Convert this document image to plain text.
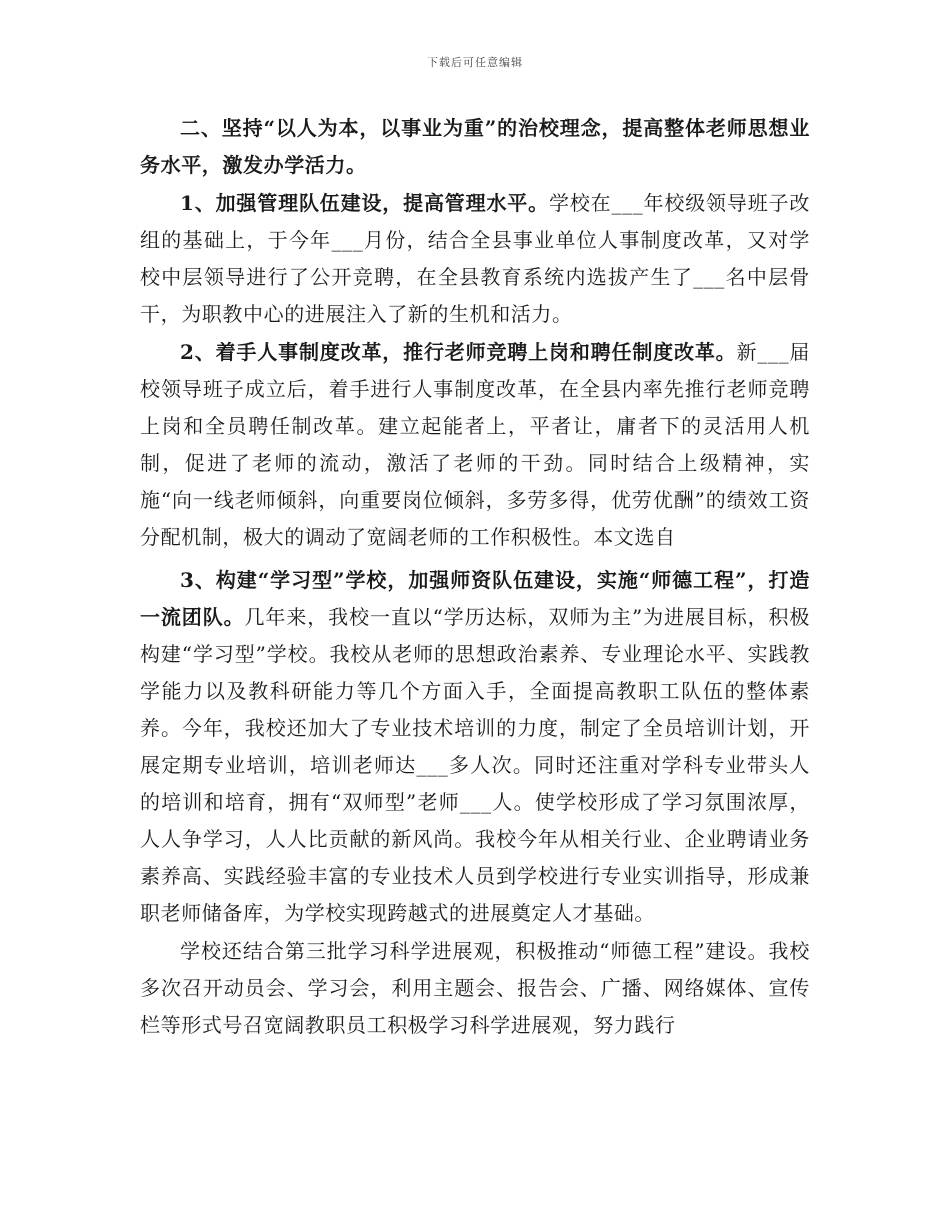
下载后可任意编辑

二、坚持“以人为本，以事业为重”的治校理念，提高整体老师思想业务水平，激发办学活力。

1、加强管理队伍建设，提高管理水平。学校在___年校级领导班子改组的基础上，于今年___月份，结合全县事业单位人事制度改革，又对学校中层领导进行了公开竞聘，在全县教育系统内选拔产生了___名中层骨干，为职教中心的进展注入了新的生机和活力。

2、着手人事制度改革，推行老师竞聘上岗和聘任制度改革。新___届校领导班子成立后，着手进行人事制度改革，在全县内率先推行老师竞聘上岗和全员聘任制改革。建立起能者上，平者让，庸者下的灵活用人机制，促进了老师的流动，激活了老师的干劲。同时结合上级精神，实施“向一线老师倾斜，向重要岗位倾斜，多劳多得，优劳优酬”的绩效工资分配机制，极大的调动了宽阔老师的工作积极性。本文选自

3、构建“学习型”学校，加强师资队伍建设，实施“师德工程”，打造一流团队。几年来，我校一直以“学历达标，双师为主”为进展目标，积极构建“学习型”学校。我校从老师的思想政治素养、专业理论水平、实践教学能力以及教科研能力等几个方面入手，全面提高教职工队伍的整体素养。今年，我校还加大了专业技术培训的力度，制定了全员培训计划，开展定期专业培训，培训老师达___多人次。同时还注重对学科专业带头人的培训和培育，拥有“双师型”老师___人。使学校形成了学习氛围浓厚，人人争学习，人人比贡献的新风尚。我校今年从相关行业、企业聘请业务素养高、实践经验丰富的专业技术人员到学校进行专业实训指导，形成兼职老师储备库，为学校实现跨越式的进展奠定人才基础。

学校还结合第三批学习科学进展观，积极推动“师德工程”建设。我校多次召开动员会、学习会，利用主题会、报告会、广播、网络媒体、宣传栏等形式号召宽阔教职员工积极学习科学进展观，努力践行
